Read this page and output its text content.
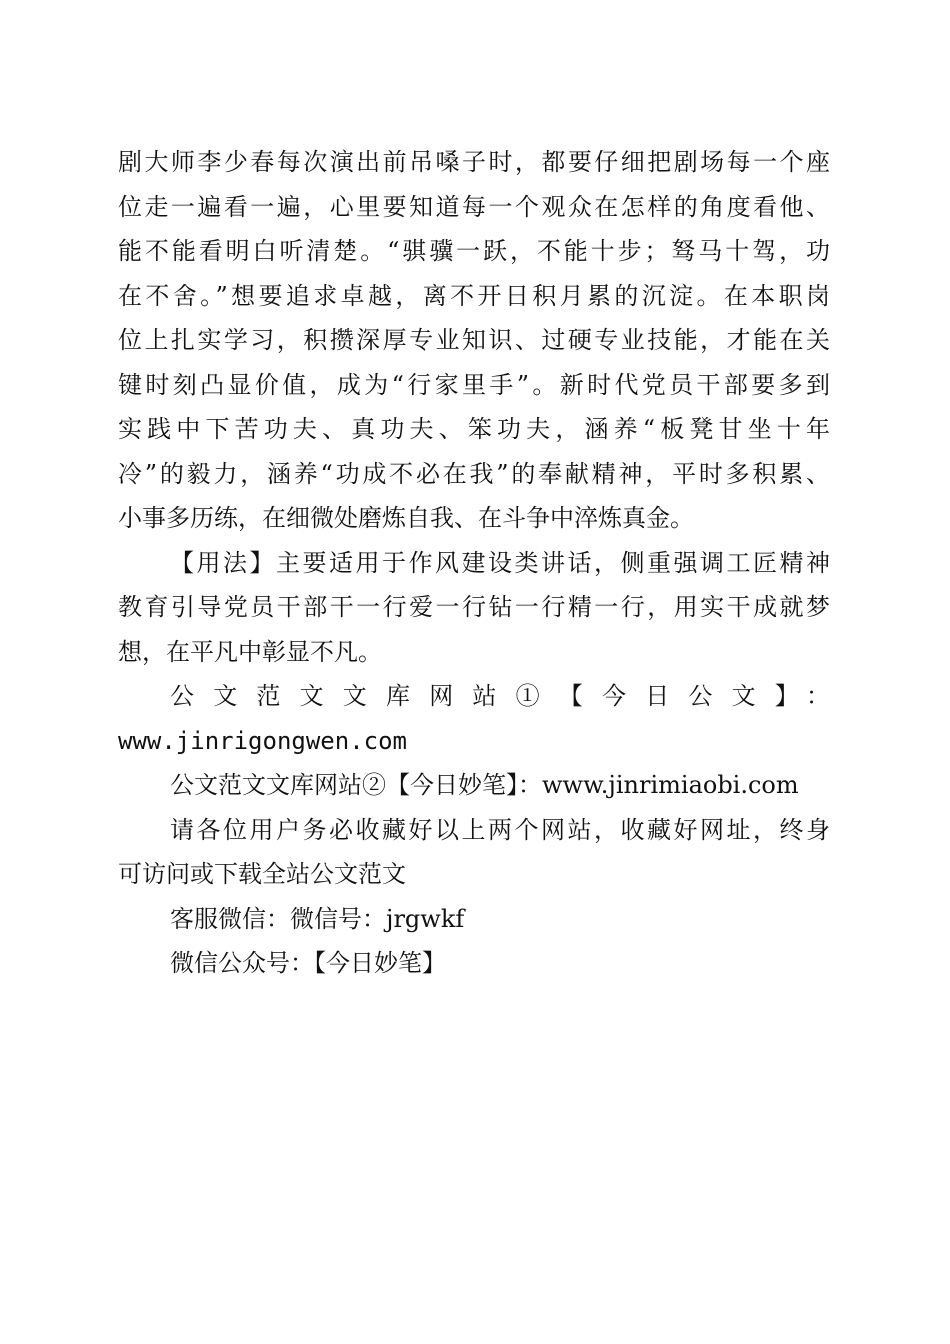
剧大师李少春每次演出前吊嗓子时，都要仔细把剧场每一个座
位走一遍看一遍，心里要知道每一个观众在怎样的角度看他、
能不能看明白听清楚。“骐骥一跃，不能十步；驽马十驾，功
在不舍。”想要追求卓越，离不开日积月累的沉淀。在本职岗
位上扎实学习，积攒深厚专业知识、过硬专业技能，才能在关
键时刻凸显价值，成为“行家里手”。新时代党员干部要多到
实践中下苦功夫、真功夫、笨功夫，涵养“板凳甘坐十年
冷”的毅力，涵养“功成不必在我”的奉献精神，平时多积累、
小事多历练，在细微处磨炼自我、在斗争中淬炼真金。
【用法】主要适用于作风建设类讲话，侧重强调工匠精神
教育引导党员干部干一行爱一行钻一行精一行，用实干成就梦
想，在平凡中彰显不凡。
公文范文文库网站①【今日公文】：
www.jinrigongwen.com
公文范文文库网站②【今日妙笔】：www.jinrimiaobi.com
请各位用户务必收藏好以上两个网站，收藏好网址，终身
可访问或下载全站公文范文
客服微信：微信号：jrgwkf
微信公众号：【今日妙笔】
